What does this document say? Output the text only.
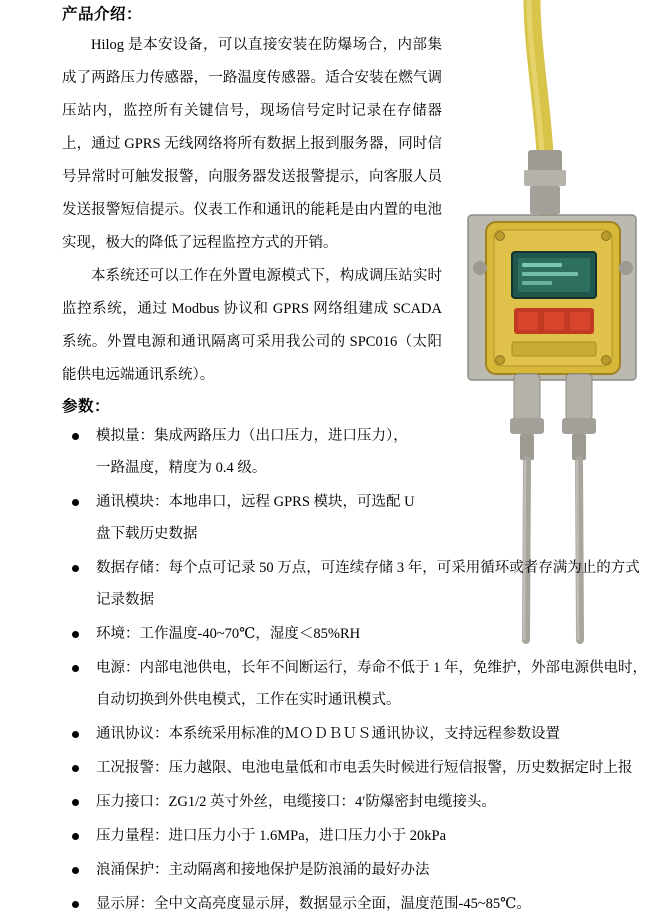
产品介绍：

Hilog 是本安设备，可以直接安装在防爆场合，内部集成了两路压力传感器，一路温度传感器。适合安装在燃气调压站内，监控所有关键信号，现场信号定时记录在存储器上，通过 GPRS 无线网络将所有数据上报到服务器，同时信号异常时可触发报警，向服务器发送报警提示，向客服人员发送报警短信提示。仪表工作和通讯的能耗是由内置的电池实现，极大的降低了远程监控方式的开销。

本系统还可以工作在外置电源模式下，构成调压站实时监控系统，通过 Modbus 协议和 GPRS 网络组建成 SCADA 系统。外置电源和通讯隔离可采用我公司的 SPC016（太阳能供电远端通讯系统）。

参数：
模拟量：集成两路压力（出口压力，进口压力），
一路温度，精度为 0.4 级。
通讯模块：本地串口，远程 GPRS 模块，可选配 U
盘下载历史数据
数据存储：每个点可记录 50 万点，可连续存储 3 年，可采用循环或者存满为止的方式
记录数据
环境：工作温度-40~70℃，湿度＜85%RH
电源：内部电池供电，长年不间断运行，寿命不低于 1 年，免维护，外部电源供电时，
自动切换到外供电模式，工作在实时通讯模式。
通讯协议：本系统采用标准的ＭＯＤＢＵＳ通讯协议，支持远程参数设置
工况报警：压力越限、电池电量低和市电丢失时候进行短信报警，历史数据定时上报
压力接口：ZG1/2 英寸外丝，电缆接口：4′防爆密封电缆接头。
压力量程：进口压力小于 1.6MPa，进口压力小于 20kPa
浪涌保护：主动隔离和接地保护是防浪涌的最好办法
显示屏：全中文高亮度显示屏，数据显示全面，温度范围-45~85℃。
